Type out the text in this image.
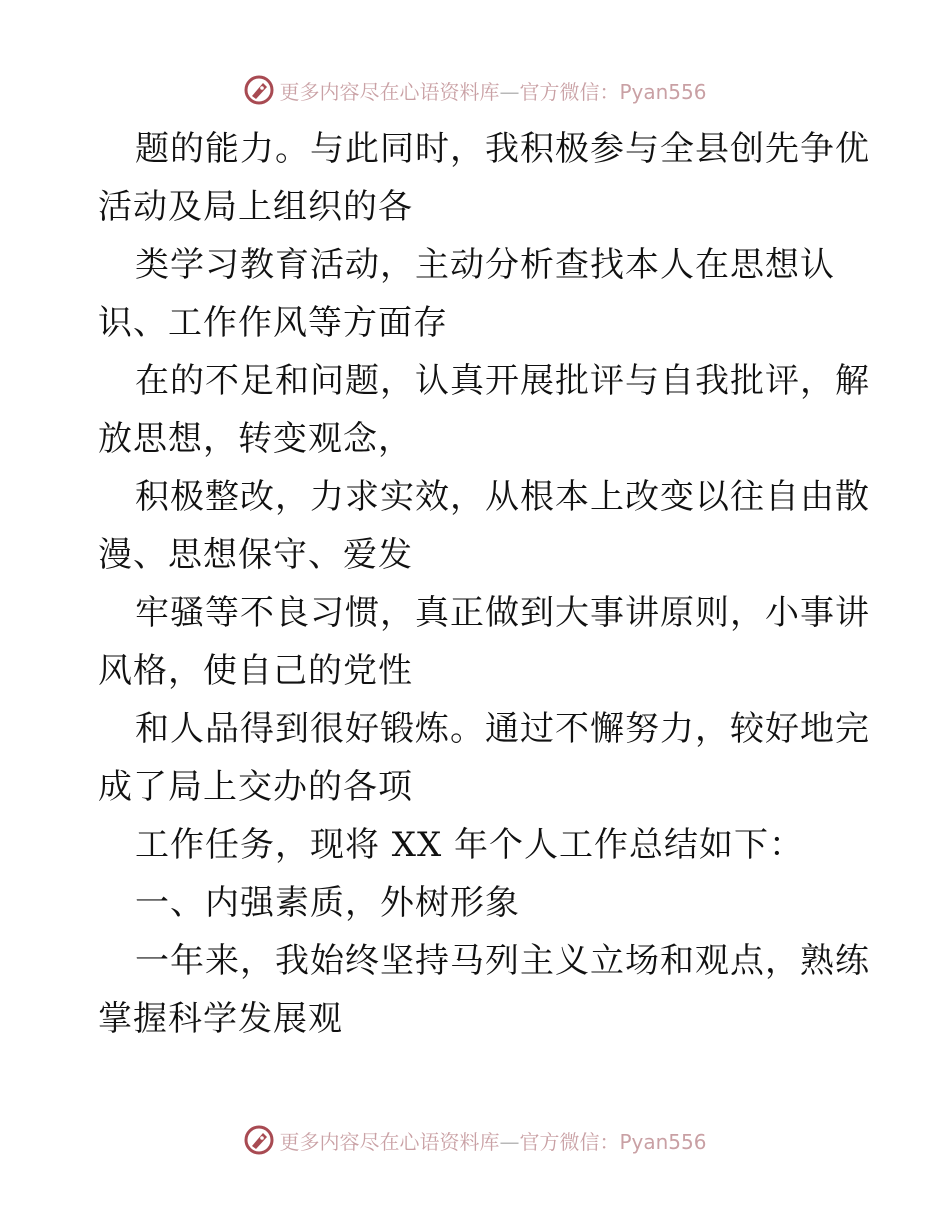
更多内容尽在心语资料库—官方微信：Pyan556
题的能力。与此同时，我积极参与全县创先争优
活动及局上组织的各
类学习教育活动，主动分析查找本人在思想认
识、工作作风等方面存
在的不足和问题，认真开展批评与自我批评，解
放思想，转变观念，
积极整改，力求实效，从根本上改变以往自由散
漫、思想保守、爱发
牢骚等不良习惯，真正做到大事讲原则，小事讲
风格，使自己的党性
和人品得到很好锻炼。通过不懈努力，较好地完
成了局上交办的各项
工作任务，现将 XX 年个人工作总结如下：
一、内强素质，外树形象
一年来，我始终坚持马列主义立场和观点，熟练
掌握科学发展观
更多内容尽在心语资料库—官方微信：Pyan556
